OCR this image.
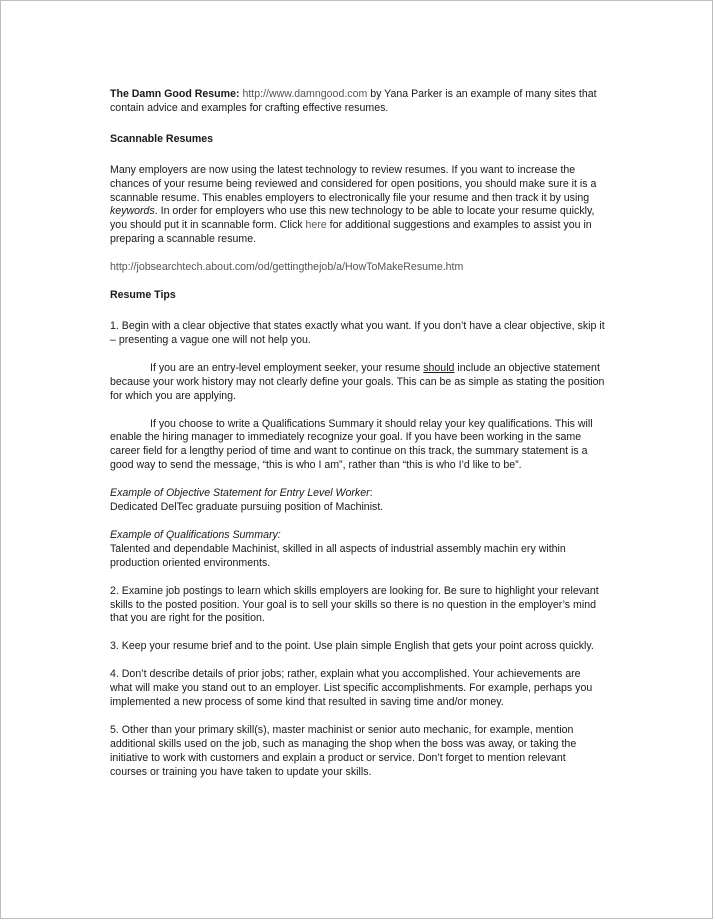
The Damn Good Resume: http://www.damngood.com by Yana Parker is an example of many sites that contain advice and examples for crafting effective resumes.

Scannable Resumes

Many employers are now using the latest technology to review resumes. If you want to increase the chances of your resume being reviewed and considered for open positions, you should make sure it is a scannable resume. This enables employers to electronically file your resume and then track it by using keywords. In order for employers who use this new technology to be able to locate your resume quickly, you should put it in scannable form. Click here for additional suggestions and examples to assist you in preparing a scannable resume.

http://jobsearchtech.about.com/od/gettingthejob/a/HowToMakeResume.htm

Resume Tips

1. Begin with a clear objective that states exactly what you want. If you don’t have a clear objective, skip it – presenting a vague one will not help you.

If you are an entry-level employment seeker, your resume should include an objective statement because your work history may not clearly define your goals. This can be as simple as stating the position for which you are applying.

If you choose to write a Qualifications Summary it should relay your key qualifications. This will enable the hiring manager to immediately recognize your goal. If you have been working in the same career field for a lengthy period of time and want to continue on this track, the summary statement is a good way to send the message, “this is who I am”, rather than “this is who I’d like to be”.

Example of Objective Statement for Entry Level Worker:

Dedicated DelTec graduate pursuing position of Machinist.

Example of Qualifications Summary:

Talented and dependable Machinist, skilled in all aspects of industrial assembly machin ery within production oriented environments.

2. Examine job postings to learn which skills employers are looking for. Be sure to highlight your relevant skills to the posted position. Your goal is to sell your skills so there is no question in the employer’s mind that you are right for the position.

3. Keep your resume brief and to the point. Use plain simple English that gets your point across quickly.

4. Don’t describe details of prior jobs; rather, explain what you accomplished. Your achievements are what will make you stand out to an employer. List specific accomplishments. For example, perhaps you implemented a new process of some kind that resulted in saving time and/or money.

5. Other than your primary skill(s), master machinist or senior auto mechanic, for example, mention additional skills used on the job, such as managing the shop when the boss was away, or taking the initiative to work with customers and explain a product or service. Don’t forget to mention relevant courses or training you have taken to update your skills.
